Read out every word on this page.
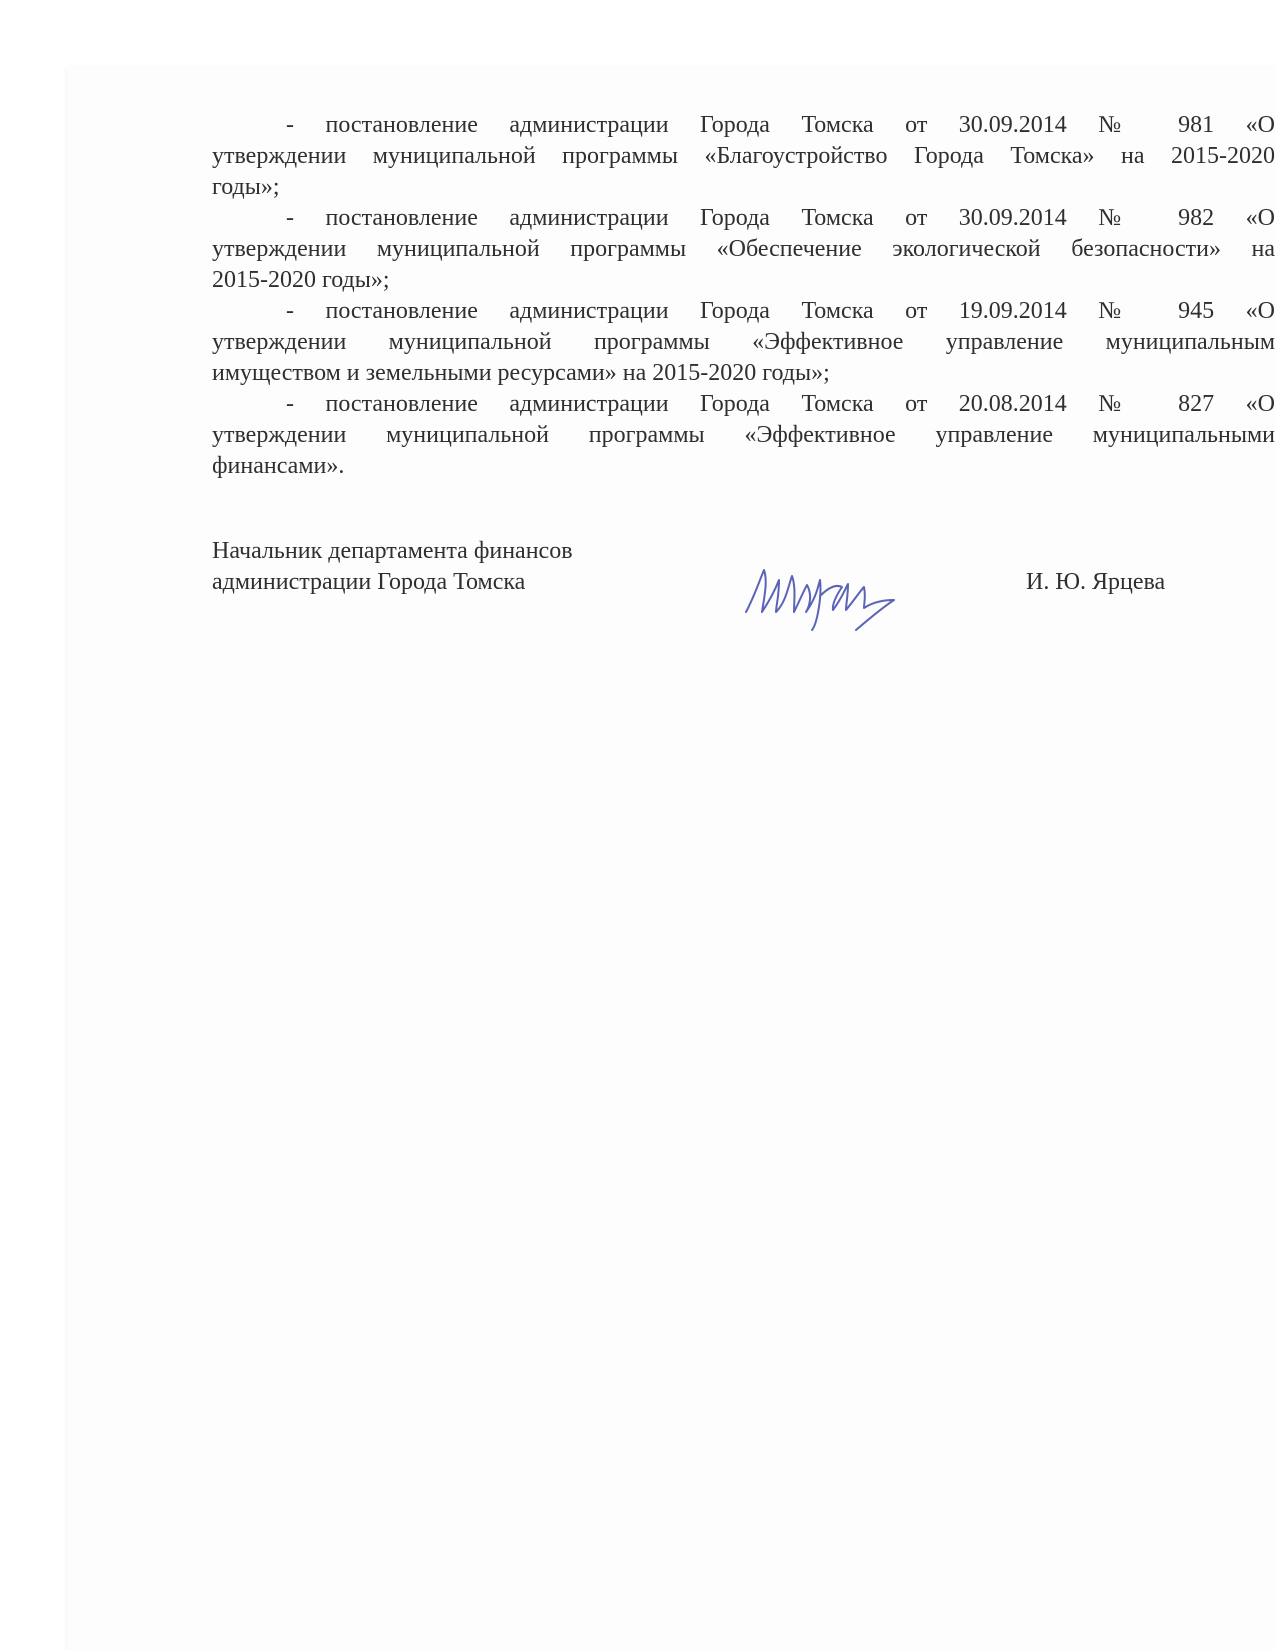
- постановление администрации Города Томска от 30.09.2014 № 981 «О
утверждении муниципальной программы «Благоустройство Города Томска» на 2015-2020
годы»;
- постановление администрации Города Томска от 30.09.2014 № 982 «О
утверждении муниципальной программы «Обеспечение экологической безопасности» на
2015-2020 годы»;
- постановление администрации Города Томска от 19.09.2014 № 945 «О
утверждении муниципальной программы «Эффективное управление муниципальным
имуществом и земельными ресурсами» на 2015-2020 годы»;
- постановление администрации Города Томска от 20.08.2014 № 827 «О
утверждении муниципальной программы «Эффективное управление муниципальными
финансами».
Начальник департамента финансов
администрации Города Томска	И. Ю. Ярцева
